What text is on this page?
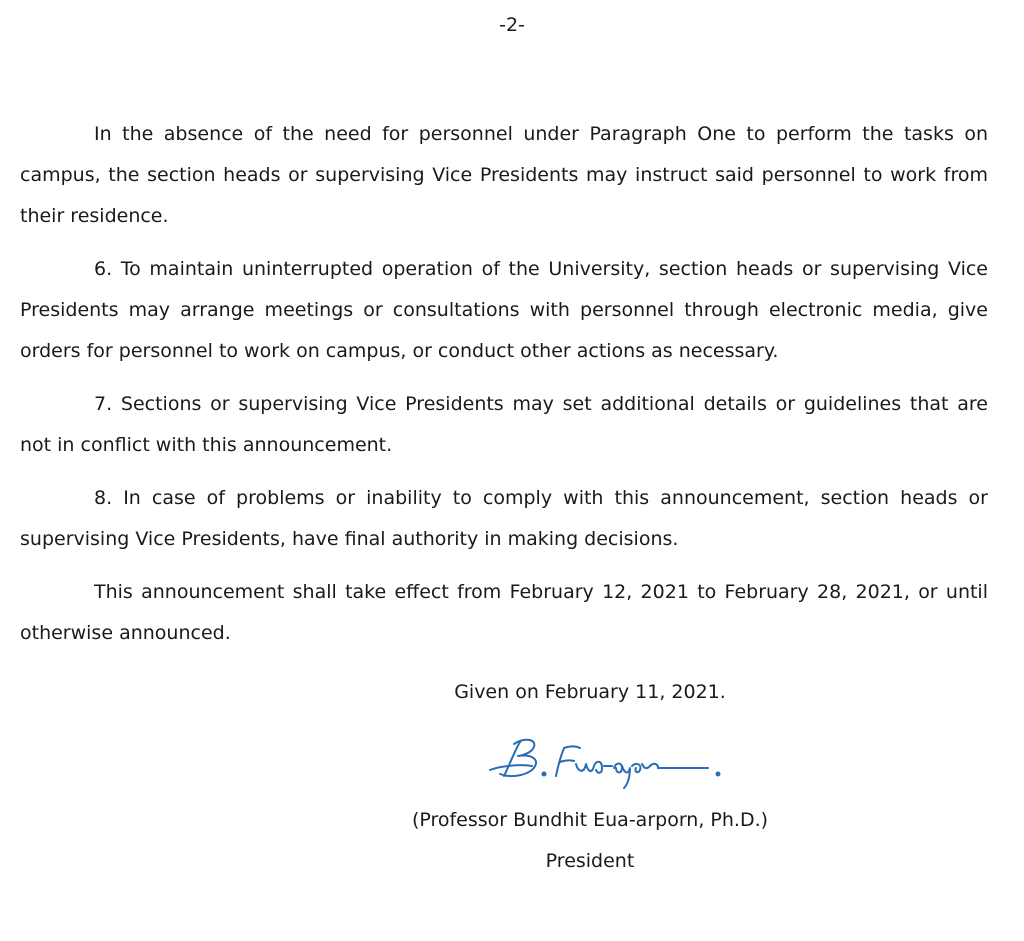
-2-

In the absence of the need for personnel under Paragraph One to perform the tasks on campus, the section heads or supervising Vice Presidents may instruct said personnel to work from their residence.

6. To maintain uninterrupted operation of the University, section heads or supervising Vice Presidents may arrange meetings or consultations with personnel through electronic media, give orders for personnel to work on campus, or conduct other actions as necessary.

7. Sections or supervising Vice Presidents may set additional details or guidelines that are not in conflict with this announcement.

8. In case of problems or inability to comply with this announcement, section heads or supervising Vice Presidents, have final authority in making decisions.

This announcement shall take effect from February 12, 2021 to February 28, 2021, or until otherwise announced.

Given on February 11, 2021.
(Professor Bundhit Eua-arporn, Ph.D.)
President
